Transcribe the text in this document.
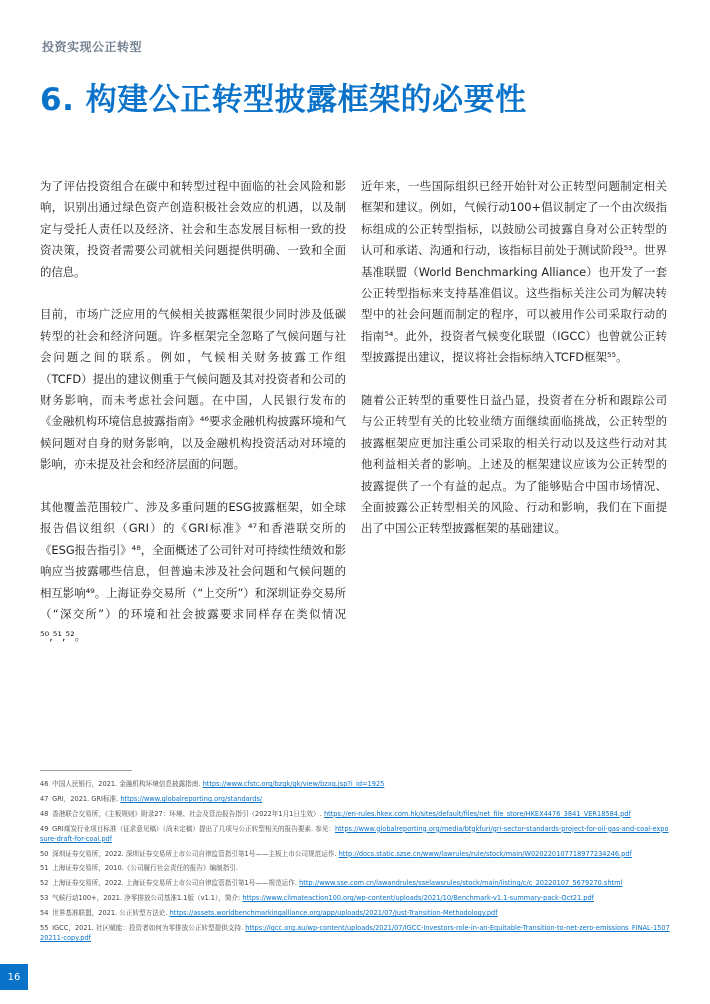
投资实现公正转型
6. 构建公正转型披露框架的必要性

为了评估投资组合在碳中和转型过程中面临的社会风险和影响，识别出通过绿色资产创造积极社会效应的机遇，以及制定与受托人责任以及经济、社会和生态发展目标相一致的投资决策，投资者需要公司就相关问题提供明确、一致和全面的信息。

目前，市场广泛应用的气候相关披露框架很少同时涉及低碳转型的社会和经济问题。许多框架完全忽略了气候问题与社会问题之间的联系。例如，气候相关财务披露工作组（TCFD）提出的建议侧重于气候问题及其对投资者和公司的财务影响，而未考虑社会问题。在中国，人民银行发布的《金融机构环境信息披露指南》⁴⁶要求金融机构披露环境和气候问题对自身的财务影响，以及金融机构投资活动对环境的影响，亦未提及社会和经济层面的问题。

其他覆盖范围较广、涉及多重问题的ESG披露框架，如全球报告倡议组织（GRI）的《GRI标准》⁴⁷和香港联交所的《ESG报告指引》⁴⁸，全面概述了公司针对可持续性绩效和影响应当披露哪些信息，但普遍未涉及社会问题和气候问题的相互影响⁴⁹。上海证券交易所（“上交所”）和深圳证券交易所（“深交所”）的环境和社会披露要求同样存在类似情况⁵⁰,⁵¹,⁵²。

近年来，一些国际组织已经开始针对公正转型问题制定相关框架和建议。例如，气候行动100+倡议制定了一个由次级指标组成的公正转型指标，以鼓励公司披露自身对公正转型的认可和承诺、沟通和行动，该指标目前处于测试阶段⁵³。世界基准联盟（World Benchmarking Alliance）也开发了一套公正转型指标来支持基准倡议。这些指标关注公司为解决转型中的社会问题而制定的程序，可以被用作公司采取行动的指南⁵⁴。此外，投资者气候变化联盟（IGCC）也曾就公正转型披露提出建议，提议将社会指标纳入TCFD框架⁵⁵。

随着公正转型的重要性日益凸显，投资者在分析和跟踪公司与公正转型有关的比较业绩方面继续面临挑战，公正转型的披露框架应更加注重公司采取的相关行动以及这些行动对其他利益相关者的影响。上述及的框架建议应该为公正转型的披露提供了一个有益的起点。为了能够贴合中国市场情况、全面披露公正转型相关的风险、行动和影响，我们在下面提出了中国公正转型披露框架的基础建议。

46 中国人民银行，2021. 金融机构环境信息披露指南. https://www.cfstc.org/bzgk/gk/view/bzxq.jsp?i_id=1925
47 GRI，2021. GRI标准. https://www.globalreporting.org/standards/
48 香港联合交易所，《主板规则》附录27：环境、社会及管治报告指引（2022年1月1日生效）. https://en-rules.hkex.com.hk/sites/default/files/net_file_store/HKEX4476_3841_VER18584.pdf
49 GRI煤炭行业项目标准（征求意见稿）（尚未定稿）提出了几项与公正转型相关的报告要素. 参见：https://www.globalreporting.org/media/btgkfuri/gri-sector-standards-project-for-oil-gas-and-coal-exposure-draft-for-coal.pdf
50 深圳证券交易所，2022. 深圳证券交易所上市公司自律监管指引第1号——主板上市公司规范运作. http://docs.static.szse.cn/www/lawrules/rule/stock/main/W020220107718977234246.pdf
51 上海证券交易所，2010.《公司履行社会责任的报告》编制指引.
52 上海证券交易所，2022. 上海证券交易所上市公司自律监管指引第1号——规范运作. http://www.sse.com.cn/lawandrules/sselawsrules/stock/main/listing/c/c_20220107_5679270.shtml
53 气候行动100+，2021. 净零排放公司基准1.1版（v1.1），简介: https://www.climateaction100.org/wp-content/uploads/2021/10/Benchmark-v1.1-summary-pack-Oct21.pdf
54 世界基准联盟，2021. 公正转型方法论. https://assets.worldbenchmarkingalliance.org/app/uploads/2021/07/Just-Transition-Methodology.pdf
55 IGCC，2021. 社区赋能：投资者如何为零排放公正转型提供支持. https://igcc.org.au/wp-content/uploads/2021/07/IGCC-Investors-role-in-an-Equitable-Transition-to-net-zero-emissions_FINAL-150720211-copy.pdf
16
